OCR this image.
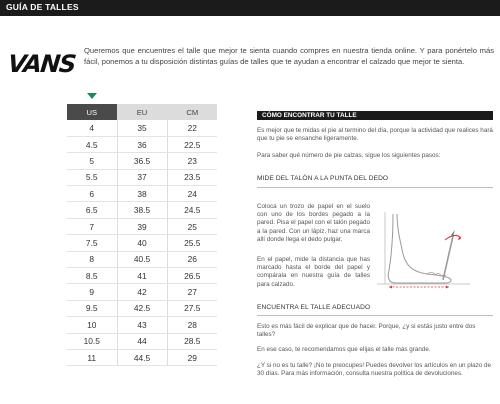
GUÍA DE TALLES
VANS Queremos que encuentres el talle que mejor te sienta cuando compres en nuestra tienda online. Y para ponértelo más fácil, ponemos a tu disposición distintas guías de talles que te ayudan a encontrar el calzado que mejor te sienta.
US	EU	CM
4	35	22
4.5	36	22.5
5	36.5	23
5.5	37	23.5
6	38	24
6.5	38.5	24.5
7	39	25
7.5	40	25.5
8	40.5	26
8.5	41	26.5
9	42	27
9.5	42.5	27.5
10	43	28
10.5	44	28.5
11	44.5	29
CÓMO ENCONTRAR TU TALLE
Es mejor que te midas el pie al termino del día, porque la actividad que realices hará que tu pie se ensanche ligeramente.
Para saber qué número de pie calzas, sigue los siguientes pasos:
MIDE DEL TALÓN A LA PUNTA DEL DEDO
Coloca un trozo de papel en el suelo con uno de los bordes pegado a la pared. Pisa el papel con el talón pegado a la pared. Con un lápiz, haz una marca allí donde llega el dedo pulgar.
En el papel, mide la distancia que has marcado hasta el borde del papel y compárala en nuestra guía de talles para calzado.
ENCUENTRA EL TALLE ADECUADO
Esto es más fácil de explicar que de hacer. Porque, ¿y si estás justo entre dos talles?
En ese caso, te recomendamos que elijas el talle más grande.
¿Y si no es tu talle? ¡No te preocupes! Puedes devolver los artículos en un plazo de 30 días. Para más información, consulta nuestra política de devoluciones.
